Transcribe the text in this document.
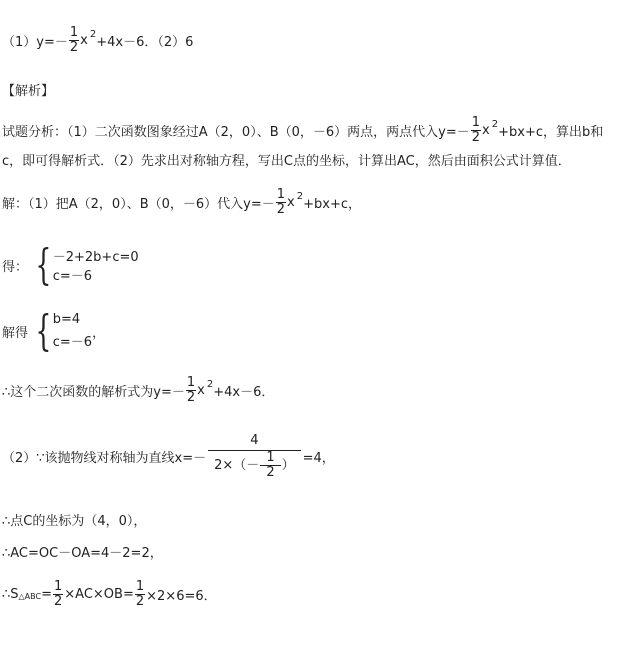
$(1)y=- \frac{1}{2} x^2$
+4x－6．（2）6
【解析】
试题分析：（1）二次函数图象经过A（2，0）、B（0，－6）两点，两点代入$y=- \frac{1}{2} x^2$
+bx+c，算出b和
c，即可得解析式．（2）先求出对称轴方程，写出C点的坐标，计算出AC，然后由面积公式计算值．
解：（1）把A（2，0）、B（0，－6）代入$y=- \frac{1}{2} x^2$
+bx+c，
得： { －2+2b+c=0
c=－6
解得 { b=4
c=－6
，
∴这个二次函数的解析式为$y=- \frac{1}{2} x^2$
+4x－6．
（2）∵该抛物线对称轴为直线$x=- \frac{4}{2\times(- \frac{1}{2} )} =4$，
∴点C的坐标为（4，0），
∴AC=OC－OA=4－2=2，
∴S △ABC = $\frac{1}{2} \times AC\times OB= \frac{1}{2} \times 2\times 6=6$．
